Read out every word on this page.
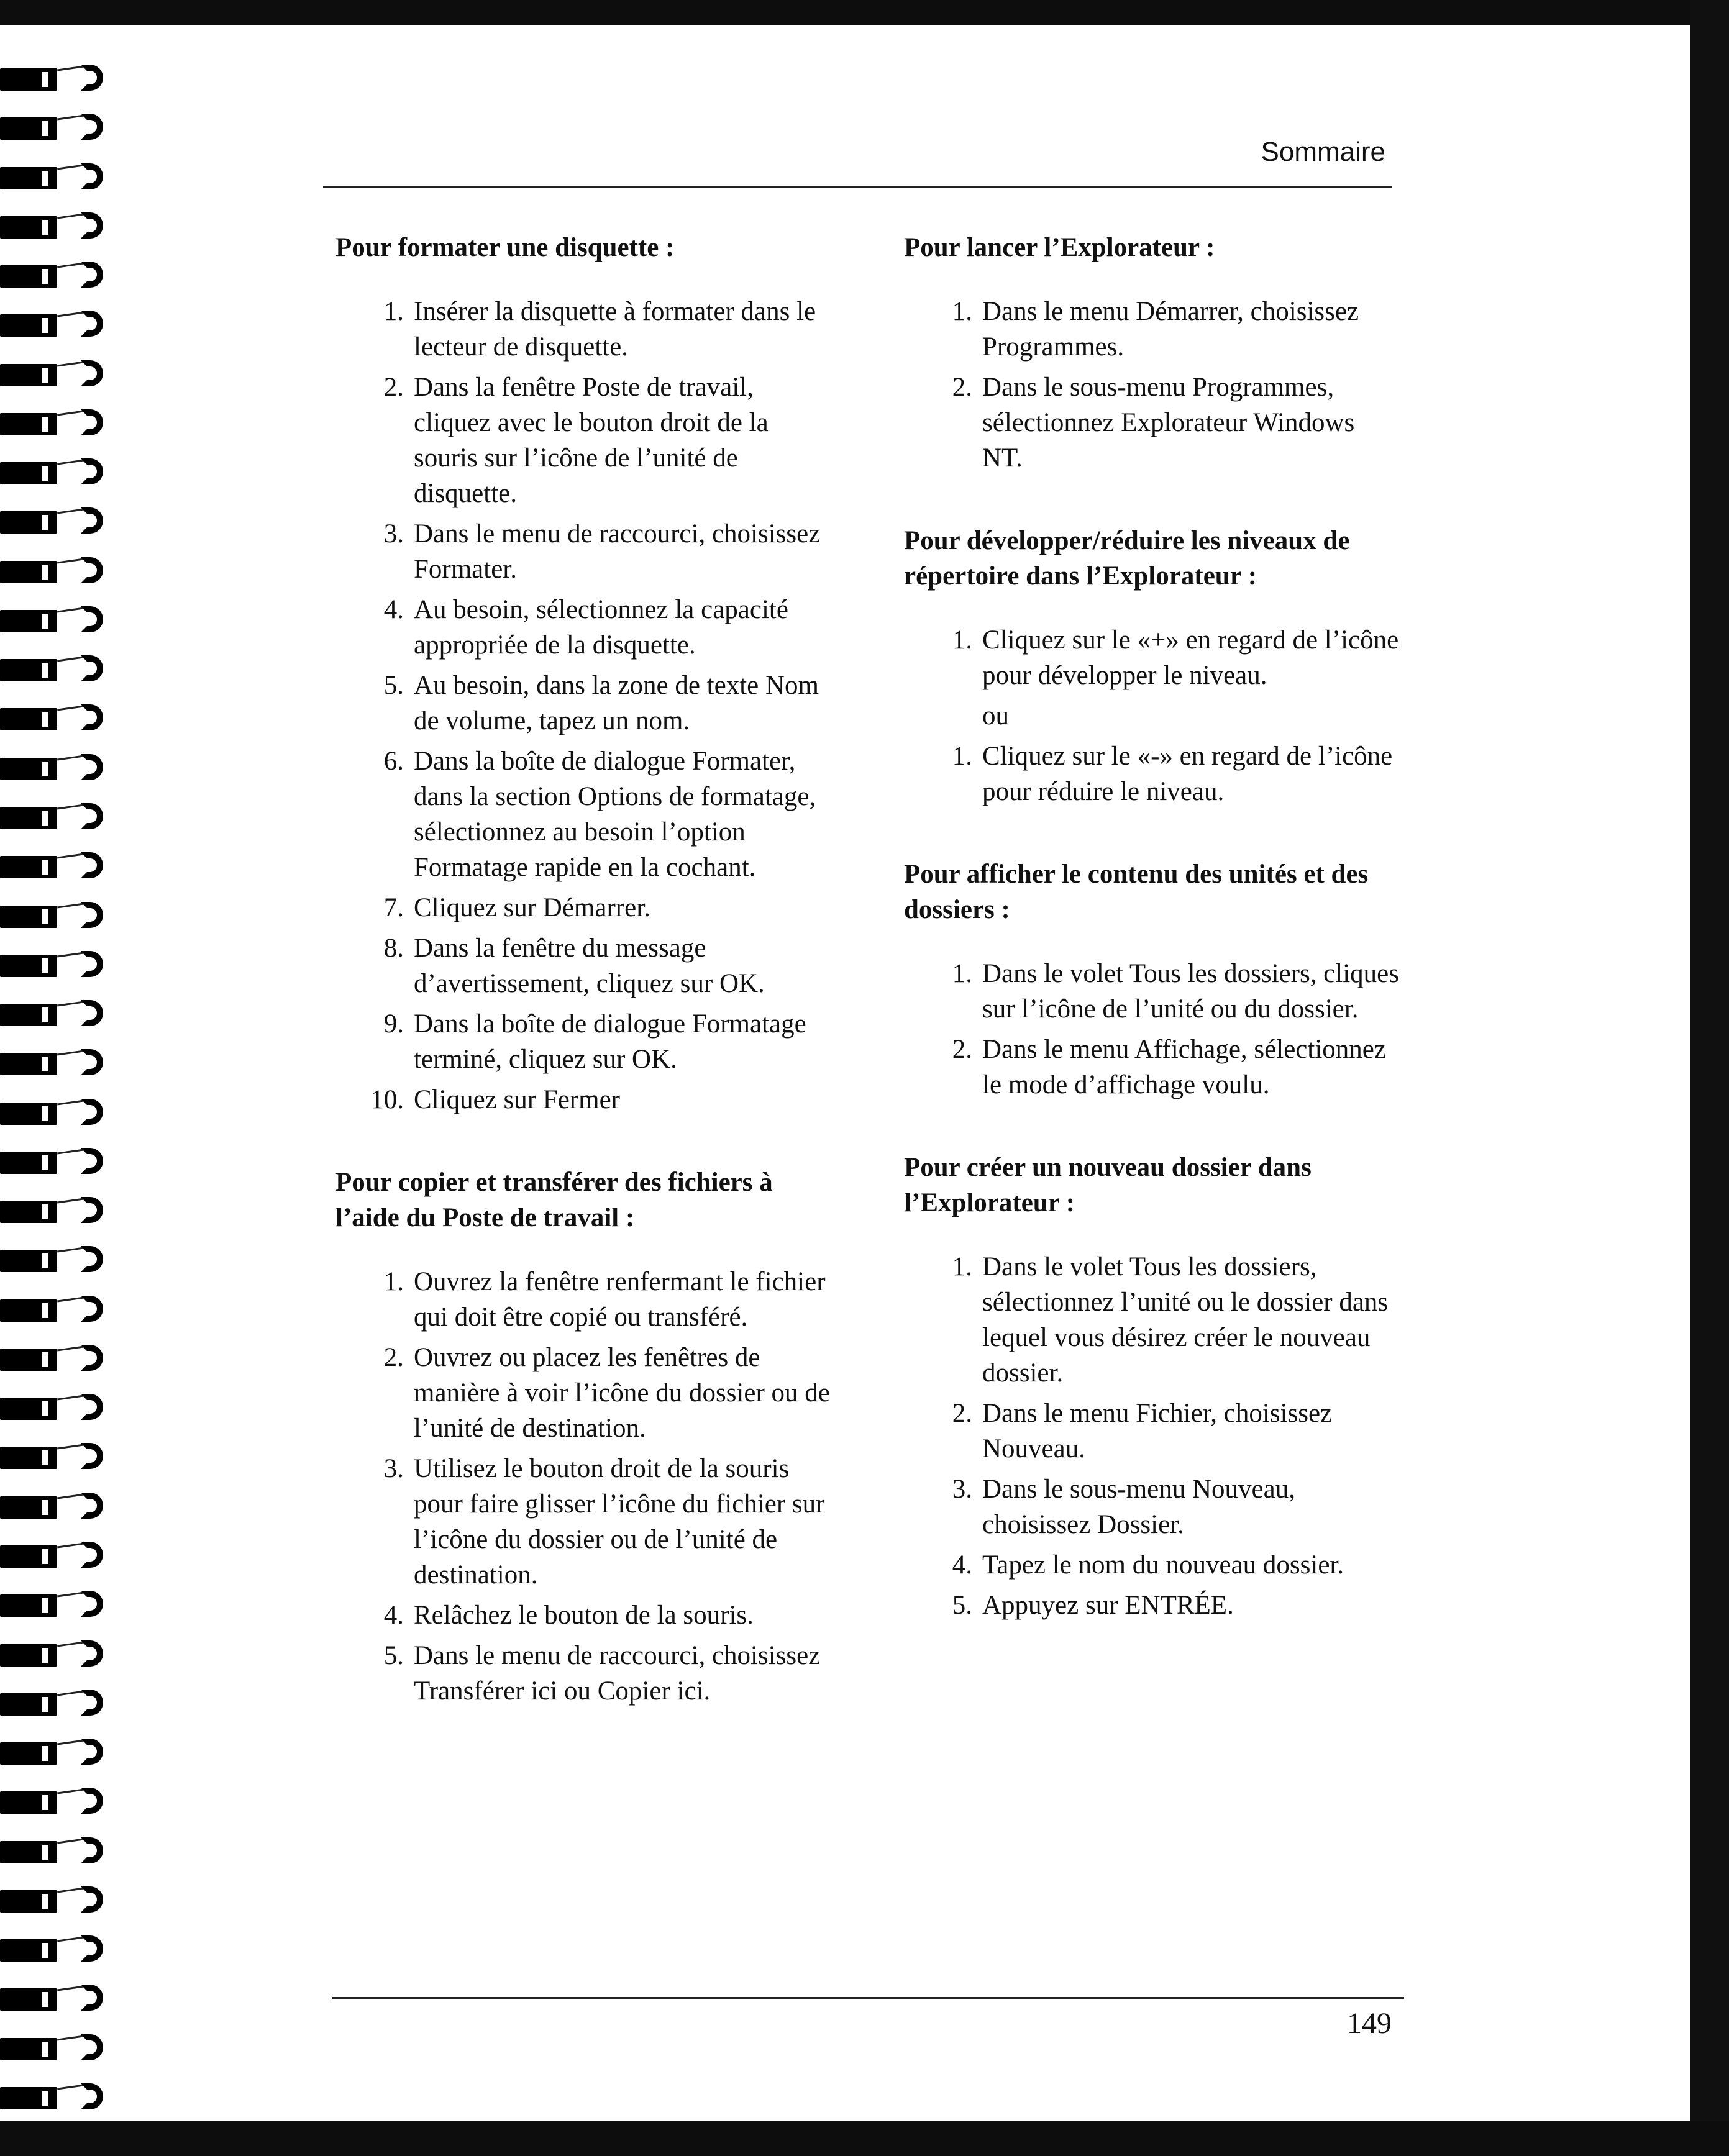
Sommaire

Pour formater une disquette :

1. Insérer la disquette à formater dans le lecteur de disquette.
2. Dans la fenêtre Poste de travail, cliquez avec le bouton droit de la souris sur l’icône de l’unité de disquette.
3. Dans le menu de raccourci, choisissez Formater.
4. Au besoin, sélectionnez la capacité appropriée de la disquette.
5. Au besoin, dans la zone de texte Nom de volume, tapez un nom.
6. Dans la boîte de dialogue Formater, dans la section Options de formatage, sélectionnez au besoin l’option Formatage rapide en la cochant.
7. Cliquez sur Démarrer.
8. Dans la fenêtre du message d’avertissement, cliquez sur OK.
9. Dans la boîte de dialogue Formatage terminé, cliquez sur OK.
10. Cliquez sur Fermer

Pour copier et transférer des fichiers à l’aide du Poste de travail :

1. Ouvrez la fenêtre renfermant le fichier qui doit être copié ou transféré.
2. Ouvrez ou placez les fenêtres de manière à voir l’icône du dossier ou de l’unité de destination.
3. Utilisez le bouton droit de la souris pour faire glisser l’icône du fichier sur l’icône du dossier ou de l’unité de destination.
4. Relâchez le bouton de la souris.
5. Dans le menu de raccourci, choisissez Transférer ici ou Copier ici.

Pour lancer l’Explorateur :

1. Dans le menu Démarrer, choisissez Programmes.
2. Dans le sous-menu Programmes, sélectionnez Explorateur Windows NT.

Pour développer/réduire les niveaux de répertoire dans l’Explorateur :

1. Cliquez sur le «+» en regard de l’icône pour développer le niveau.
ou
1. Cliquez sur le «-» en regard de l’icône pour réduire le niveau.

Pour afficher le contenu des unités et des dossiers :

1. Dans le volet Tous les dossiers, cliques sur l’icône de l’unité ou du dossier.
2. Dans le menu Affichage, sélectionnez le mode d’affichage voulu.

Pour créer un nouveau dossier dans l’Explorateur :

1. Dans le volet Tous les dossiers, sélectionnez l’unité ou le dossier dans lequel vous désirez créer le nouveau dossier.
2. Dans le menu Fichier, choisissez Nouveau.
3. Dans le sous-menu Nouveau, choisissez Dossier.
4. Tapez le nom du nouveau dossier.
5. Appuyez sur ENTRÉE.
149
